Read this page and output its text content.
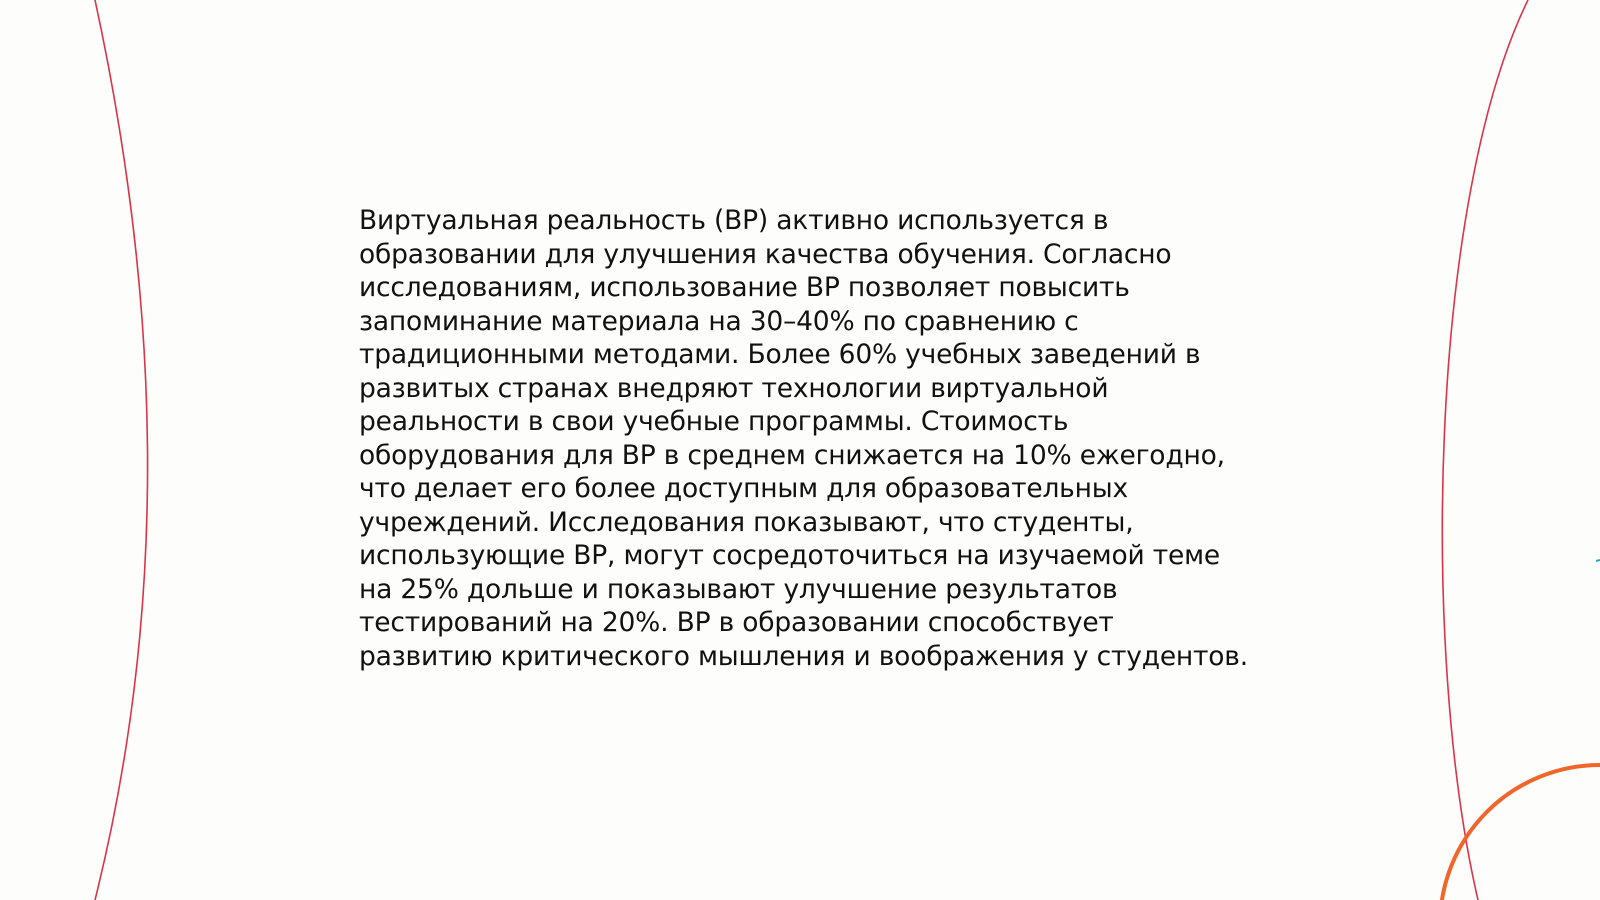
Виртуальная реальность (ВР) активно используется в
образовании для улучшения качества обучения. Согласно
исследованиям, использование ВР позволяет повысить
запоминание материала на 30–40% по сравнению с
традиционными методами. Более 60% учебных заведений в
развитых странах внедряют технологии виртуальной
реальности в свои учебные программы. Стоимость
оборудования для ВР в среднем снижается на 10% ежегодно,
что делает его более доступным для образовательных
учреждений. Исследования показывают, что студенты,
использующие ВР, могут сосредоточиться на изучаемой теме
на 25% дольше и показывают улучшение результатов
тестирований на 20%. ВР в образовании способствует
развитию критического мышления и воображения у студентов.
